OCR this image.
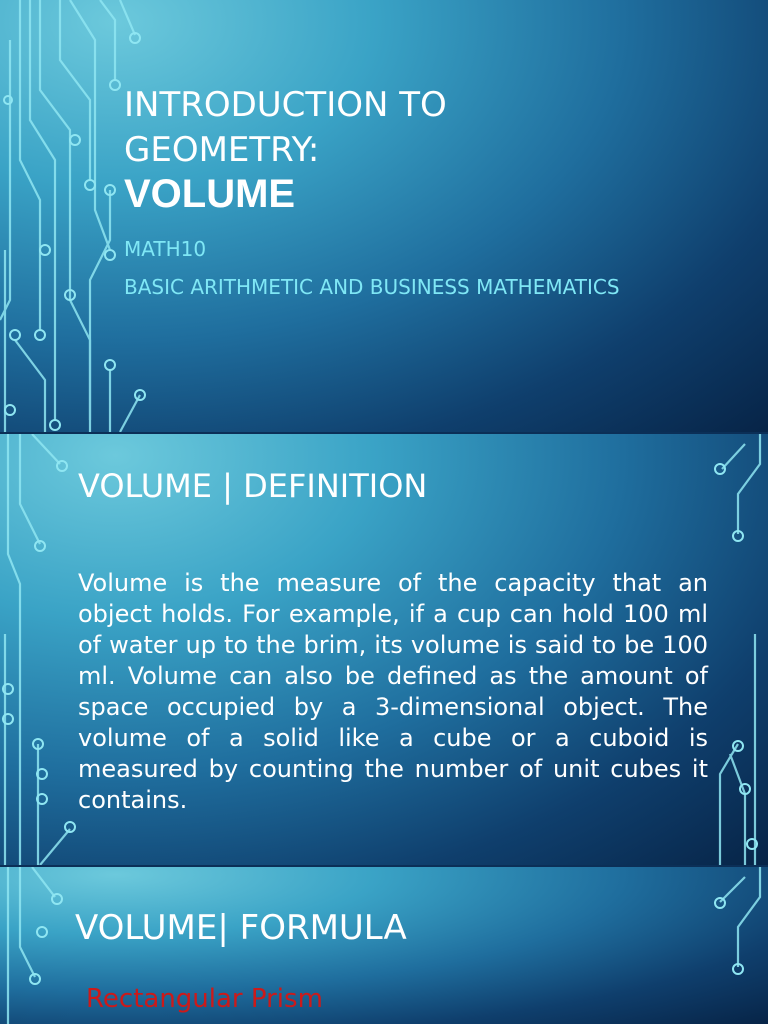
INTRODUCTION TO
GEOMETRY:
VOLUME

MATH10

BASIC ARITHMETIC AND BUSINESS MATHEMATICS

VOLUME | DEFINITION

Volume is the measure of the capacity that an object holds. For example, if a cup can hold 100 ml of water up to the brim, its volume is said to be 100 ml. Volume can also be defined as the amount of space occupied by a 3-dimensional object. The volume of a solid like a cube or a cuboid is measured by counting the number of unit cubes it contains.

VOLUME| FORMULA

Rectangular Prism
